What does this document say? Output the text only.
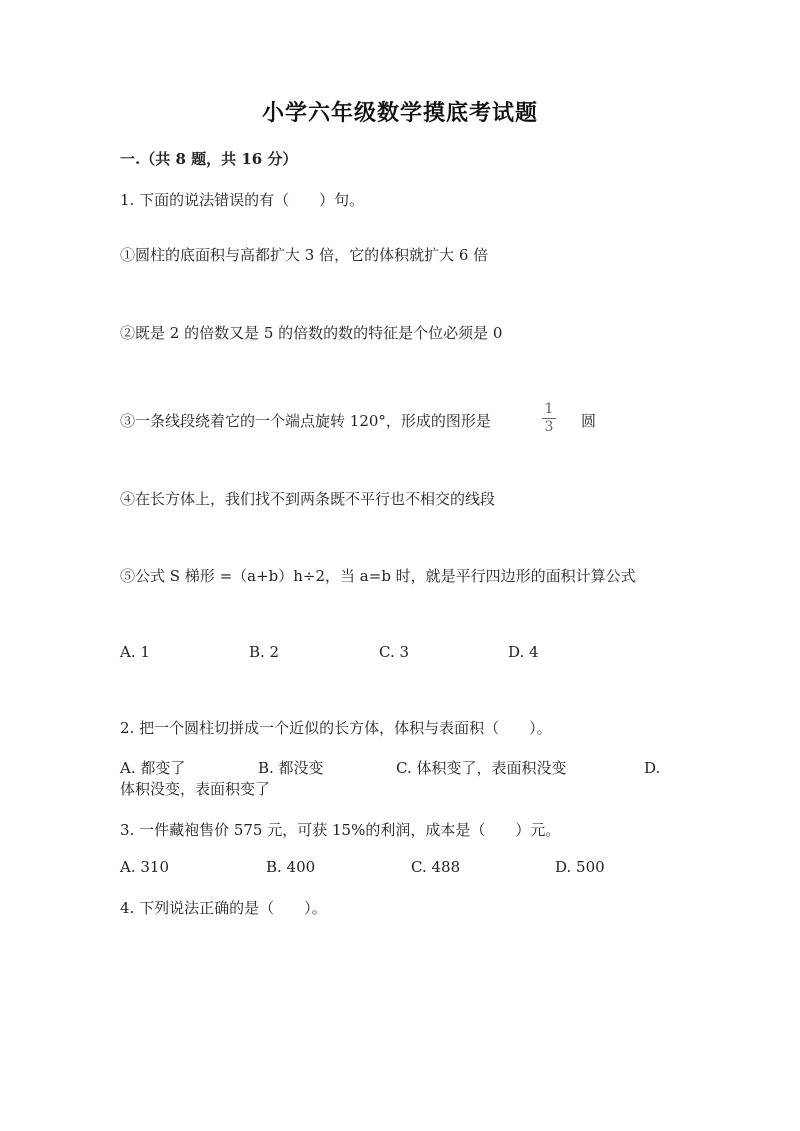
小学六年级数学摸底考试题
一.（共 8 题，共 16 分）
1. 下面的说法错误的有（　　）句。
①圆柱的底面积与高都扩大 3 倍，它的体积就扩大 6 倍
②既是 2 的倍数又是 5 的倍数的数的特征是个位必须是 0
③一条线段绕着它的一个端点旋转 120°，形成的图形是
1
3 圆
④在长方体上，我们找不到两条既不平行也不相交的线段
⑤公式 S 梯形 =（a+b）h÷2，当 a=b 时，就是平行四边形的面积计算公式
A. 1	B. 2	C. 3	D. 4
2. 把一个圆柱切拼成一个近似的长方体，体积与表面积（　　）。
A. 都变了	B. 都没变	C. 体积变了，表面积没变	D.
体积没变，表面积变了
3. 一件藏袍售价 575 元，可获 15%的利润，成本是（　　）元。
A. 310	B. 400	C. 488	D. 500
4. 下列说法正确的是（　　）。
